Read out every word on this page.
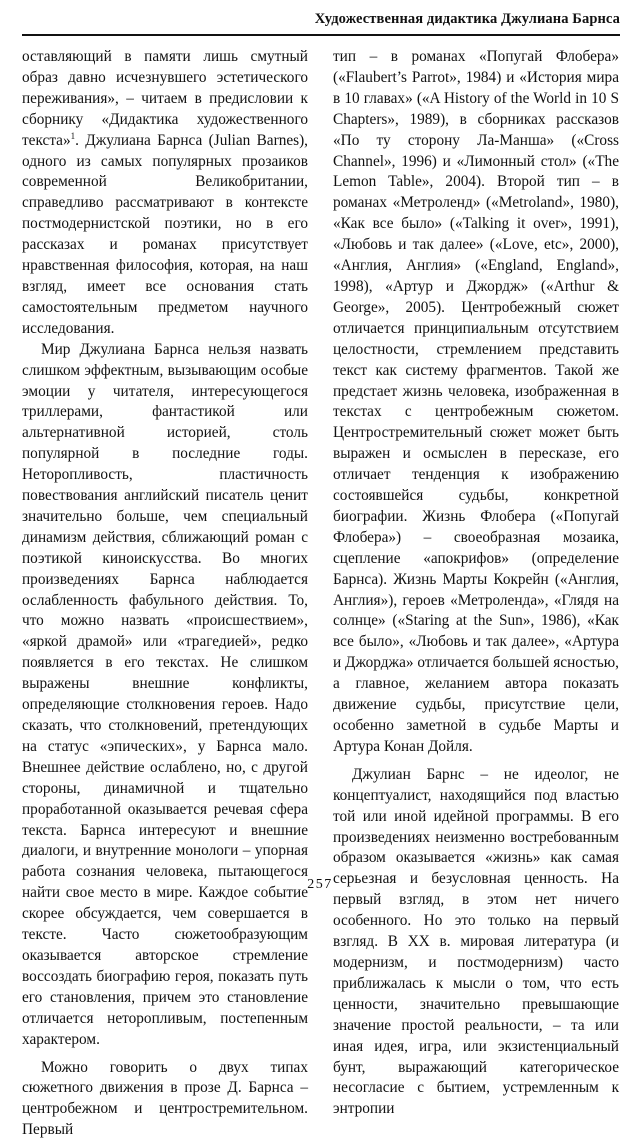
Художественная дидактика Джулиана Барнса

оставляющий в памяти лишь смутный образ давно исчезнувшего эстетического переживания», – читаем в предисловии к сборнику «Дидактика художественного текста»$^1$. Джулиана Барнса (Julian Barnes), одного из самых популярных прозаиков современной Великобритании, справедливо рассматривают в контексте постмодернистской поэтики, но в его рассказах и романах присутствует нравственная философия, которая, на наш взгляд, имеет все основания стать самостоятельным предметом научного исследования.

Мир Джулиана Барнса нельзя назвать слишком эффектным, вызывающим особые эмоции у читателя, интересующегося триллерами, фантастикой или альтернативной историей, столь популярной в последние годы. Неторопливость, пластичность повествования английский писатель ценит значительно больше, чем специальный динамизм действия, сближающий роман с поэтикой киноискусства. Во многих произведениях Барнса наблюдается ослабленность фабульного действия. То, что можно назвать «происшествием», «яркой драмой» или «трагедией», редко появляется в его текстах. Не слишком выражены внешние конфликты, определяющие столкновения героев. Надо сказать, что столкновений, претендующих на статус «эпических», у Барнса мало. Внешнее действие ослаблено, но, с другой стороны, динамичной и тщательно проработанной оказывается речевая сфера текста. Барнса интересуют и внешние диалоги, и внутренние монологи – упорная работа сознания человека, пытающегося найти свое место в мире. Каждое событие скорее обсуждается, чем совершается в тексте. Часто сюжетообразующим оказывается авторское стремление воссоздать биографию героя, показать путь его становления, причем это становление отличается неторопливым, постепенным характером.

Можно говорить о двух типах сюжетного движения в прозе Д. Барнса – центробежном и центростремительном. Первый

тип – в романах «Попугай Флобера» («Flaubert’s Parrot», 1984) и «История мира в 10 главах» («A History of the World in 10 S Chapters», 1989), в сборниках рассказов «По ту сторону Ла-Манша» («Cross Channel», 1996) и «Лимонный стол» («The Lemon Table», 2004). Второй тип – в романах «Метроленд» («Metroland», 1980), «Как все было» («Talking it over», 1991), «Любовь и так далее» («Love, etc», 2000), «Англия, Англия» («England, England», 1998), «Артур и Джордж» («Arthur & George», 2005). Центробежный сюжет отличается принципиальным отсутствием целостности, стремлением представить текст как систему фрагментов. Такой же предстает жизнь человека, изображенная в текстах с центробежным сюжетом. Центростремительный сюжет может быть выражен и осмыслен в пересказе, его отличает тенденция к изображению состоявшейся судьбы, конкретной биографии. Жизнь Флобера («Попугай Флобера») – своеобразная мозаика, сцепление «апокрифов» (определение Барнса). Жизнь Марты Кокрейн («Англия, Англия»), героев «Метроленда», «Глядя на солнце» («Staring at the Sun», 1986), «Как все было», «Любовь и так далее», «Артура и Джорджа» отличается большей ясностью, а главное, желанием автора показать движение судьбы, присутствие цели, особенно заметной в судьбе Марты и Артура Конан Дойля.

Джулиан Барнс – не идеолог, не концептуалист, находящийся под властью той или иной идейной программы. В его произведениях неизменно востребованным образом оказывается «жизнь» как самая серьезная и безусловная ценность. На первый взгляд, в этом нет ничего особенного. Но это только на первый взгляд. В XX в. мировая литература (и модернизм, и постмодернизм) часто приближалась к мысли о том, что есть ценности, значительно превышающие значение простой реальности, – та или иная идея, игра, или экзистенциальный бунт, выражающий категорическое несогласие с бытием, устремленным к энтропии

257
